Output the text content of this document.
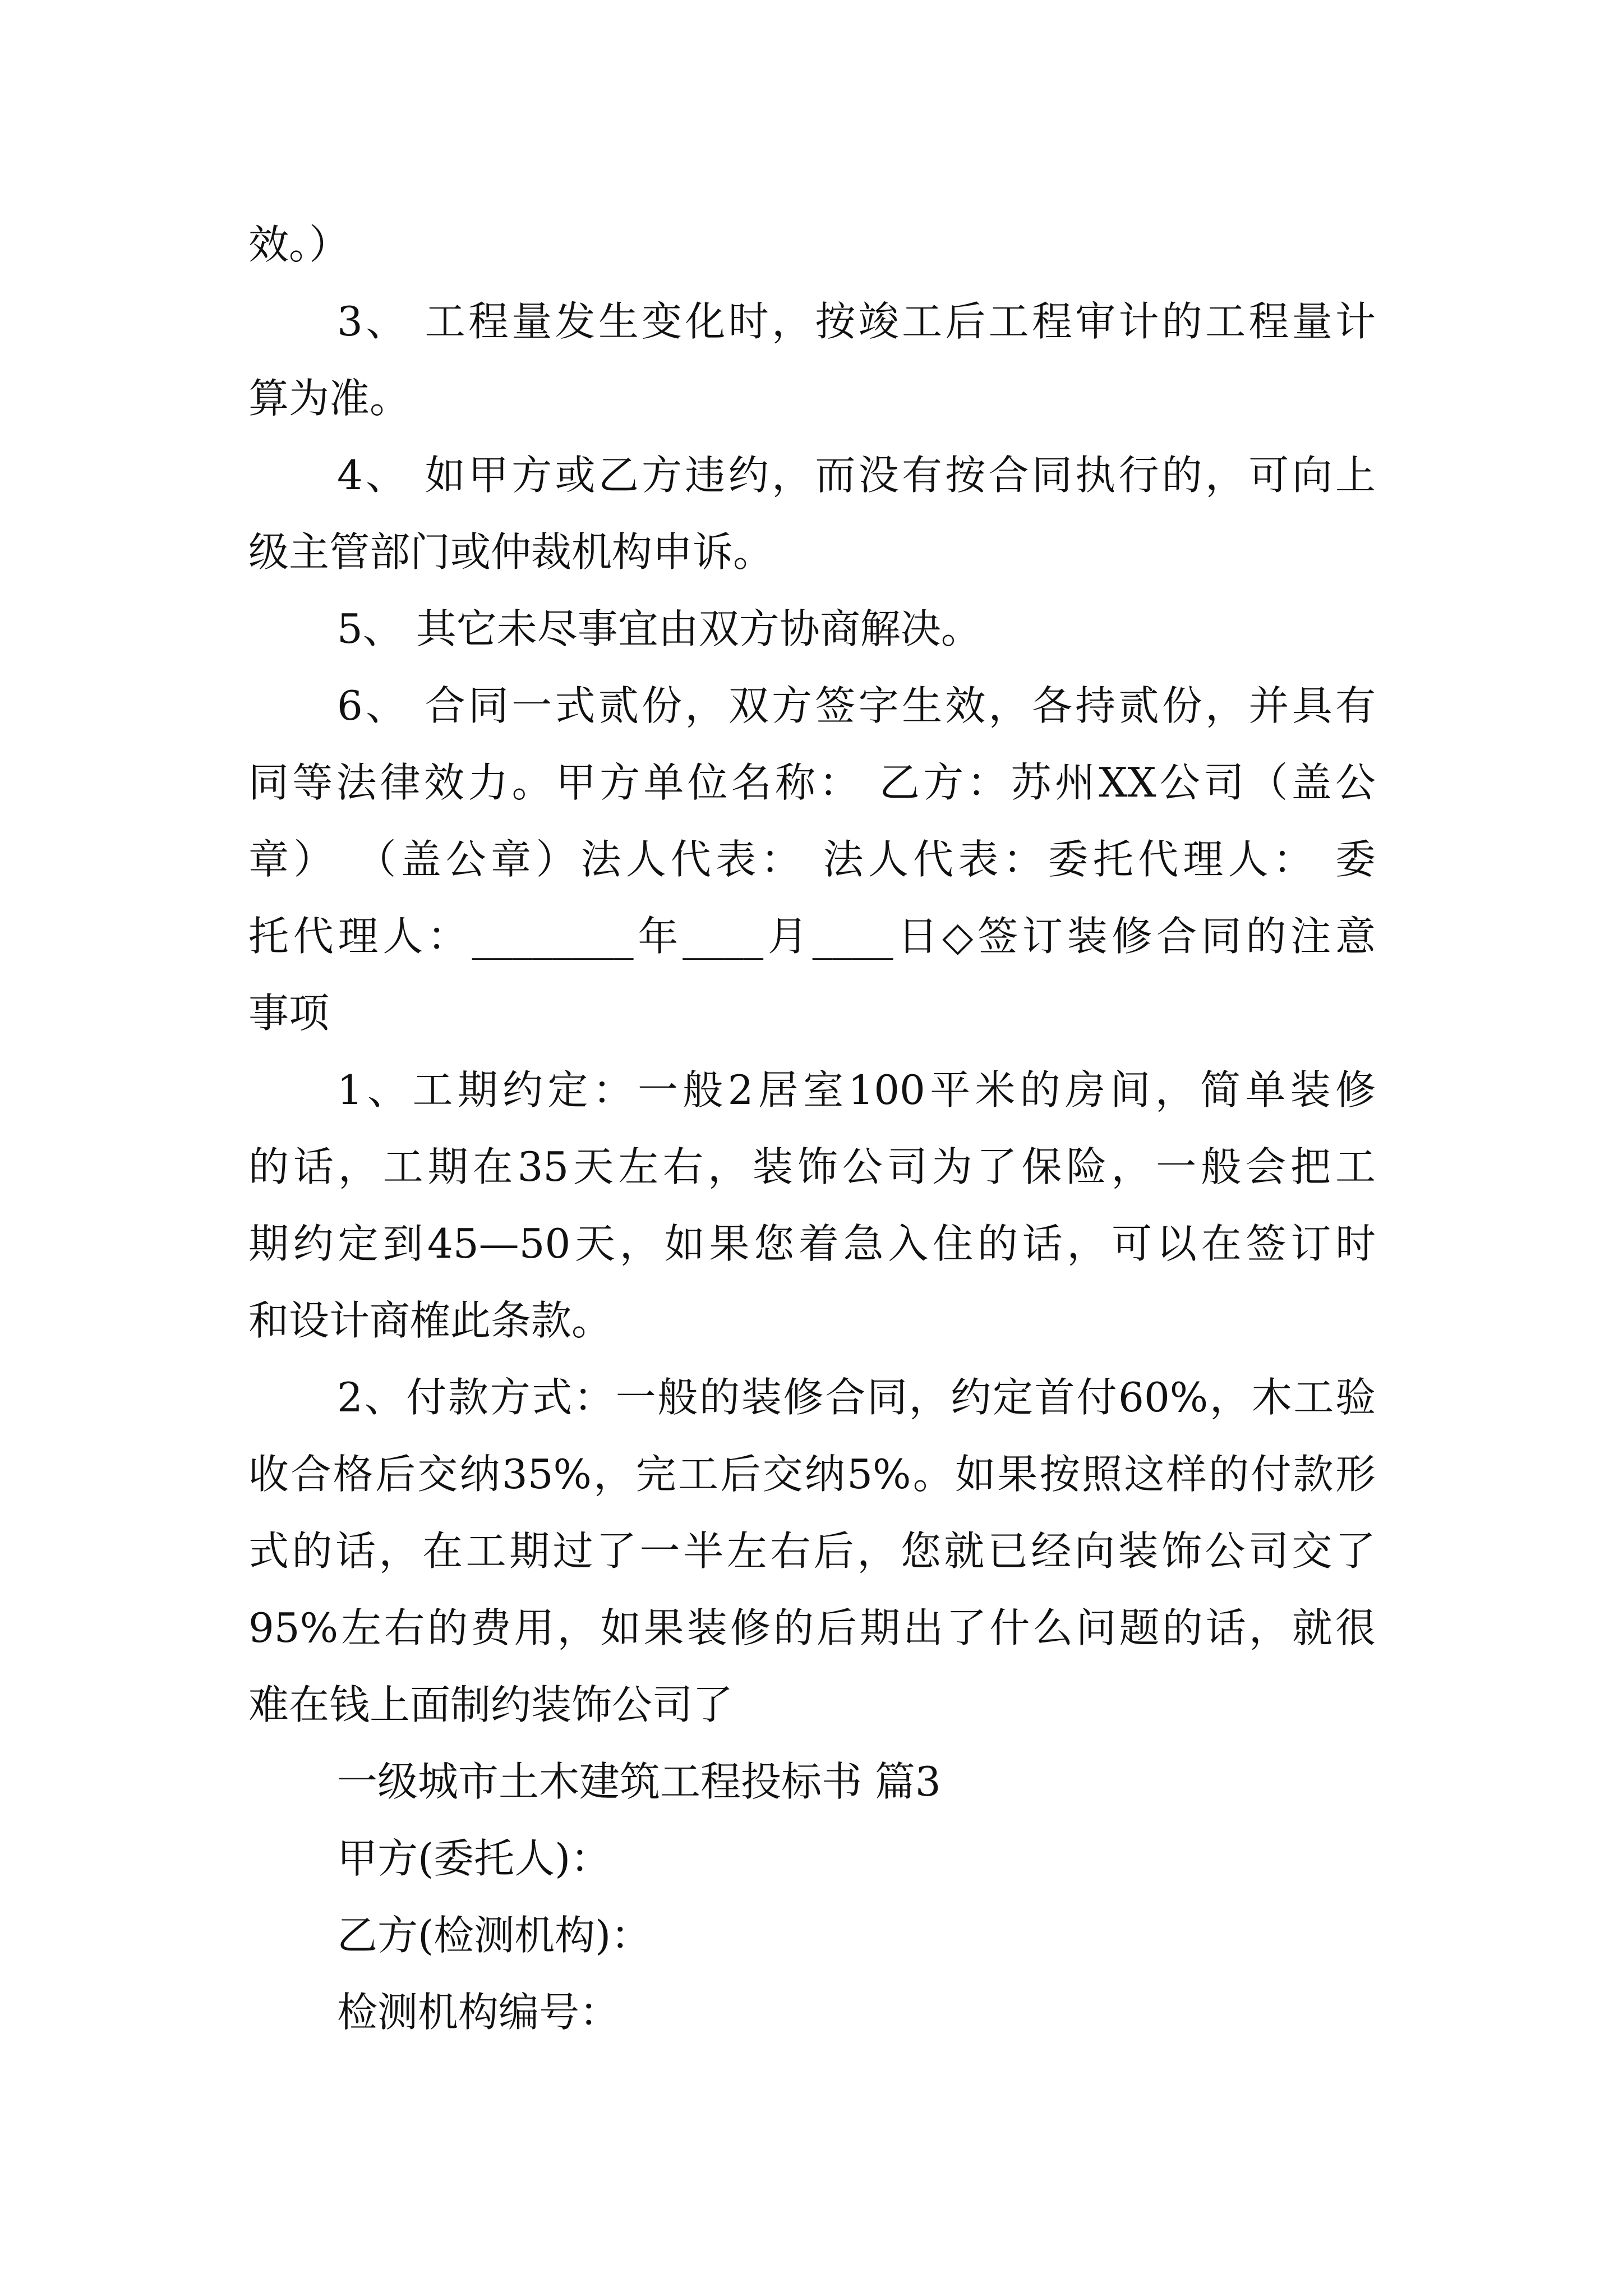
效。）
3、 工程量发生变化时，按竣工后工程审计的工程量计
算为准。
4、 如甲方或乙方违约，而没有按合同执行的，可向上
级主管部门或仲裁机构申诉。
5、 其它未尽事宜由双方协商解决。
6、 合同一式贰份，双方签字生效，各持贰份，并具有
同等法律效力。甲方单位名称： 乙方：苏州XX公司（盖公
章） （盖公章）法人代表： 法人代表：委托代理人： 委
托代理人：________年____月____日◇签订装修合同的注意
事项
1、工期约定：一般2居室100平米的房间，简单装修
的话，工期在35天左右，装饰公司为了保险，一般会把工
期约定到45—50天，如果您着急入住的话，可以在签订时
和设计商榷此条款。
2、付款方式：一般的装修合同，约定首付60%，木工验
收合格后交纳35%，完工后交纳5%。如果按照这样的付款形
式的话，在工期过了一半左右后，您就已经向装饰公司交了
95%左右的费用，如果装修的后期出了什么问题的话，就很
难在钱上面制约装饰公司了
一级城市土木建筑工程投标书 篇3
甲方(委托人)：
乙方(检测机构)：
检测机构编号：
